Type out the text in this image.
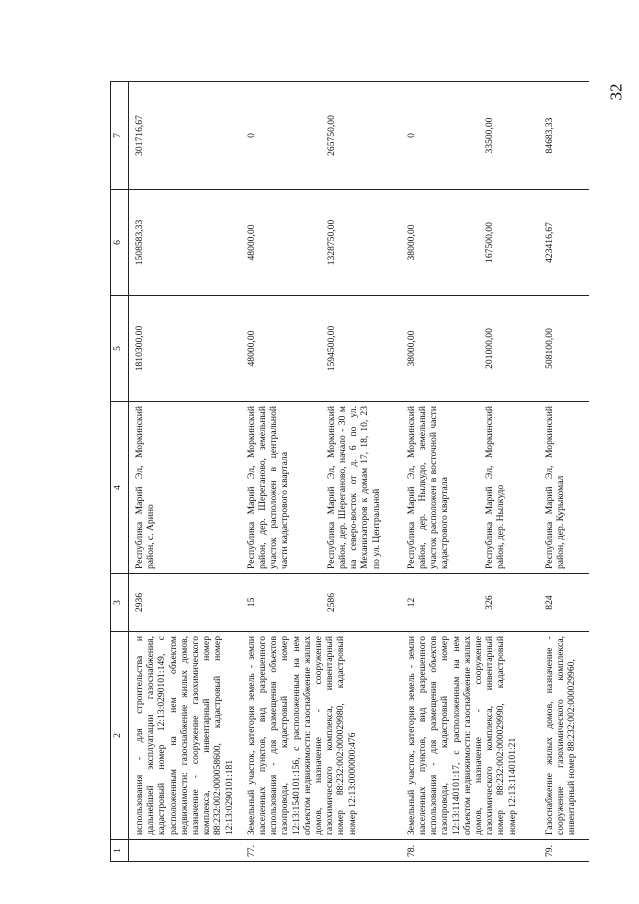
32
1	2	3	4	5	6	7
	использования - для строительства и дальнейшей эксплуатации газоснабжения, кадастровый номер 12:13:0290101:149, с расположенным на нем объектом недвижимости: газоснабжение жилых домов, назначение - сооружение газохимического комплекса, инвентарный номер 88:232:002:000058600, кадастровый номер 12:13:0290101:181	2936	Республика Марий Эл, Моркинский район, с. Арино	1810300,00	1508583,33	301716,67
77.	Земельный участок, категория земель - земли населенных пунктов, вид разрешенного использования - для размещения объектов газопровода, кадастровый номер 12:13:1540101:156, с расположенным на нем объектом недвижимости: газоснабжение жилых домов, назначение - сооружение газохимического комплекса, инвентарный номер 88:232:002:000029980, кадастровый номер 12:13:0000000:476	15	Республика Марий Эл, Моркинский район, дер. Шереганово, земельный участок расположен в центральной части кадастрового квартала	48000,00	48000,00	0
		2586	Республика Марий Эл, Моркинский район, дер. Шереганово, начало - 30 м на северо-восток от д. 6 по ул. Механизаторов к домам 17, 18, 10, 23 по ул. Центральной	1594500,00	1328750,00	265750,00
78.	Земельный участок, категория земель - земли населенных пунктов, вид разрешенного использования - для размещения объектов газопровода, кадастровый номер 12:13:1140101:17, с расположенным на нем объектом недвижимости: газоснабжение жилых домов, назначение - сооружение газохимического комплекса, инвентарный номер 88:232:002:000029990, кадастровый номер 12:13:1140101:21	12	Республика Марий Эл, Моркинский район, дер. Нылкудо, земельный участок расположен в восточной части кадастрового квартала	38000,00	38000,00	0
		326	Республика Марий Эл, Моркинский район, дер. Нылкудо	201000,00	167500,00	33500,00
79.	Газоснабжение жилых домов, назначение - сооружение газохимического комплекса, инвентарный номер 88:232:002:000029960,	824	Республика Марий Эл, Моркинский район, дер. Курыкомал	508100,00	423416,67	84683,33
